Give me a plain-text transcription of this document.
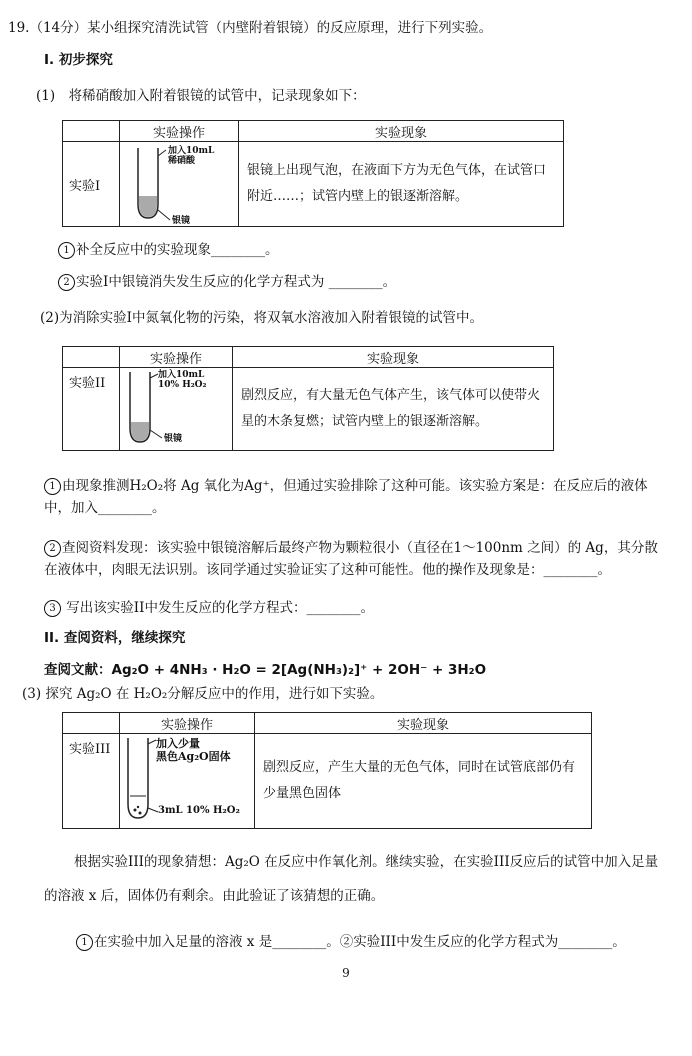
19.（14分）某小组探究清洗试管（内壁附着银镜）的反应原理，进行下列实验。
I. 初步探究
(1)　将稀硝酸加入附着银镜的试管中，记录现象如下：
	实验操作	实验现象
实验I	加入10mL
稀硝酸
银镜	银镜上出现气泡，在液面下方为无色气体，在试管口附近……；试管内壁上的银逐渐溶解。
1 补全反应中的实验现象________。
2 实验I中银镜消失发生反应的化学方程式为 ________。
(2)为消除实验I中氮氧化物的污染，将双氧水溶液加入附着银镜的试管中。
	实验操作	实验现象
实验II	加入10mL
10% H₂O₂
银镜	剧烈反应，有大量无色气体产生，该气体可以使带火星的木条复燃；试管内壁上的银逐渐溶解。
1 由现象推测H₂O₂将 Ag 氧化为Ag⁺，但通过实验排除了这种可能。该实验方案是：在反应后的液体
中，加入________。
2 查阅资料发现：该实验中银镜溶解后最终产物为颗粒很小（直径在1～100nm 之间）的 Ag，其分散
在液体中，肉眼无法识别。该同学通过实验证实了这种可能性。他的操作及现象是：________。
3 写出该实验II中发生反应的化学方程式：________。
II. 查阅资料，继续探究
查阅文献：Ag₂O + 4NH₃ · H₂O = 2[Ag(NH₃)₂]⁺ + 2OH⁻ + 3H₂O
(3) 探究 Ag₂O 在 H₂O₂分解反应中的作用，进行如下实验。
	实验操作	实验现象
实验III	加入少量
黑色Ag₂O固体
3mL 10% H₂O₂	剧烈反应，产生大量的无色气体，同时在试管底部仍有少量黑色固体
根据实验III的现象猜想：Ag₂O 在反应中作氧化剂。继续实验，在实验III反应后的试管中加入足量
的溶液 x 后，固体仍有剩余。由此验证了该猜想的正确。
1 在实验中加入足量的溶液 x 是________。②实验III中发生反应的化学方程式为________。
9
